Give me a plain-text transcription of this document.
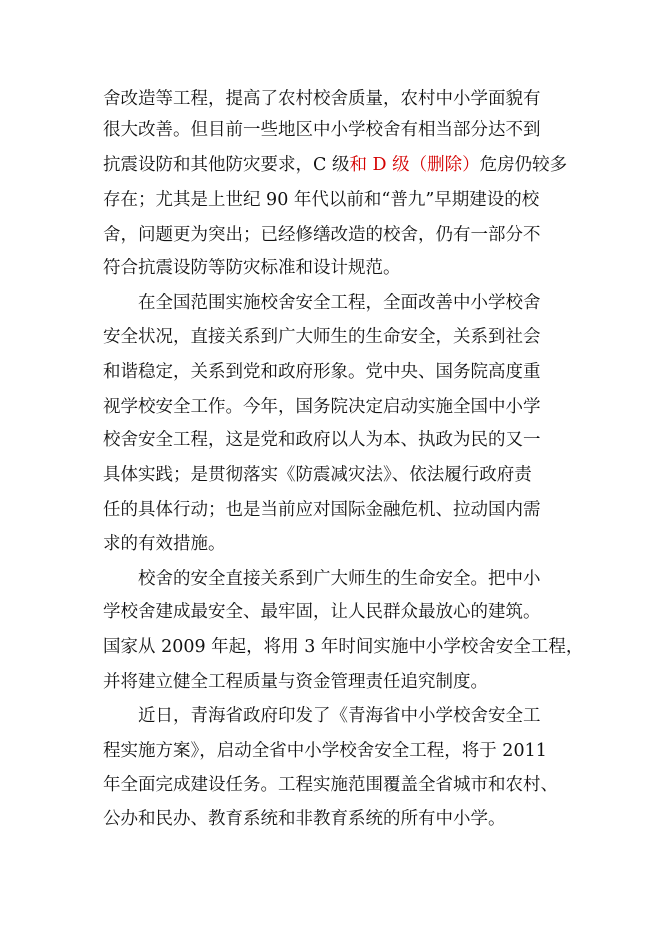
舍改造等工程，提高了农村校舍质量，农村中小学面貌有
很大改善。但目前一些地区中小学校舍有相当部分达不到
抗震设防和其他防灾要求，C 级和 D 级（删除）危房仍较多
存在；尤其是上世纪 90 年代以前和“普九”早期建设的校
舍，问题更为突出；已经修缮改造的校舍，仍有一部分不
符合抗震设防等防灾标准和设计规范。
在全国范围实施校舍安全工程，全面改善中小学校舍
安全状况，直接关系到广大师生的生命安全，关系到社会
和谐稳定，关系到党和政府形象。党中央、国务院高度重
视学校安全工作。今年，国务院决定启动实施全国中小学
校舍安全工程，这是党和政府以人为本、执政为民的又一
具体实践；是贯彻落实《防震减灾法》、依法履行政府责
任的具体行动；也是当前应对国际金融危机、拉动国内需
求的有效措施。
校舍的安全直接关系到广大师生的生命安全。把中小
学校舍建成最安全、最牢固，让人民群众最放心的建筑。
国家从 2009 年起，将用 3 年时间实施中小学校舍安全工程，
并将建立健全工程质量与资金管理责任追究制度。
近日，青海省政府印发了《青海省中小学校舍安全工
程实施方案》，启动全省中小学校舍安全工程，将于 2011
年全面完成建设任务。工程实施范围覆盖全省城市和农村、
公办和民办、教育系统和非教育系统的所有中小学。
